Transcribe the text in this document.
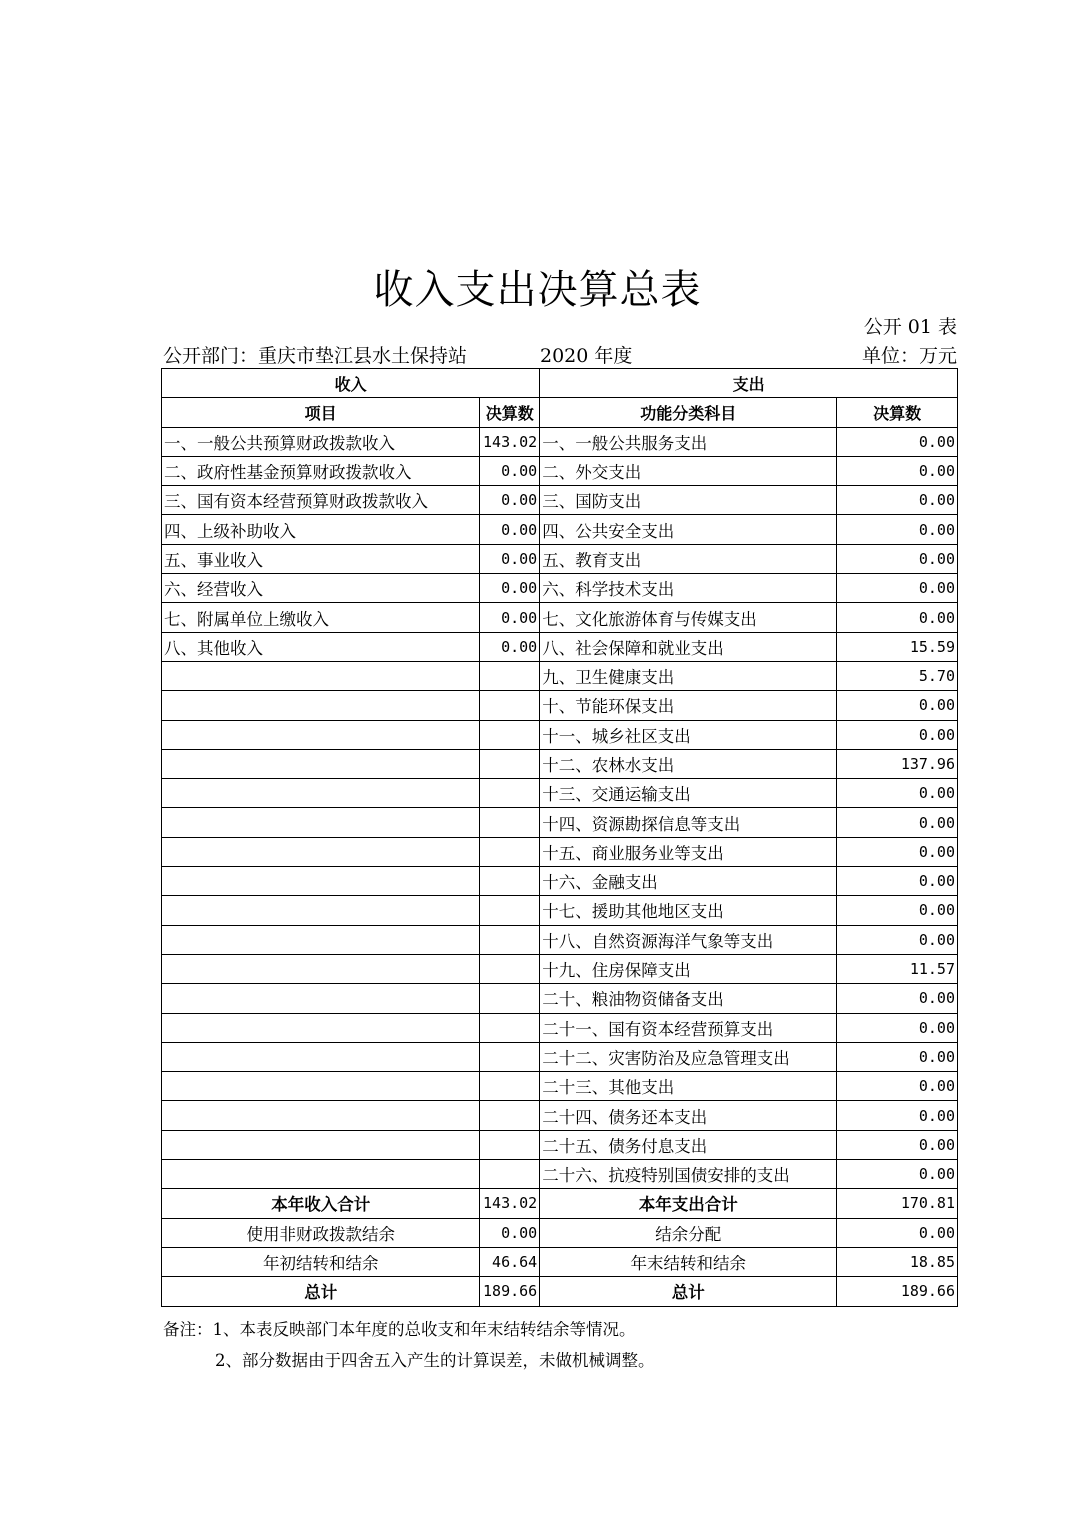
收入支出决算总表
公开 01 表
公开部门：重庆市垫江县水土保持站	2020 年度	单位：万元
收入		支出	
项目	决算数	功能分类科目	决算数
一、一般公共预算财政拨款收入	143.02	一、一般公共服务支出	0.00
二、政府性基金预算财政拨款收入	0.00	二、外交支出	0.00
三、国有资本经营预算财政拨款收入	0.00	三、国防支出	0.00
四、上级补助收入	0.00	四、公共安全支出	0.00
五、事业收入	0.00	五、教育支出	0.00
六、经营收入	0.00	六、科学技术支出	0.00
七、附属单位上缴收入	0.00	七、文化旅游体育与传媒支出	0.00
八、其他收入	0.00	八、社会保障和就业支出	15.59
		九、卫生健康支出	5.70
		十、节能环保支出	0.00
		十一、城乡社区支出	0.00
		十二、农林水支出	137.96
		十三、交通运输支出	0.00
		十四、资源勘探信息等支出	0.00
		十五、商业服务业等支出	0.00
		十六、金融支出	0.00
		十七、援助其他地区支出	0.00
		十八、自然资源海洋气象等支出	0.00
		十九、住房保障支出	11.57
		二十、粮油物资储备支出	0.00
		二十一、国有资本经营预算支出	0.00
		二十二、灾害防治及应急管理支出	0.00
		二十三、其他支出	0.00
		二十四、债务还本支出	0.00
		二十五、债务付息支出	0.00
		二十六、抗疫特别国债安排的支出	0.00
本年收入合计	143.02	本年支出合计	170.81
使用非财政拨款结余	0.00	结余分配	0.00
年初结转和结余	46.64	年末结转和结余	18.85
总计	189.66	总计	189.66
备注：1、本表反映部门本年度的总收支和年末结转结余等情况。
2、部分数据由于四舍五入产生的计算误差，未做机械调整。
